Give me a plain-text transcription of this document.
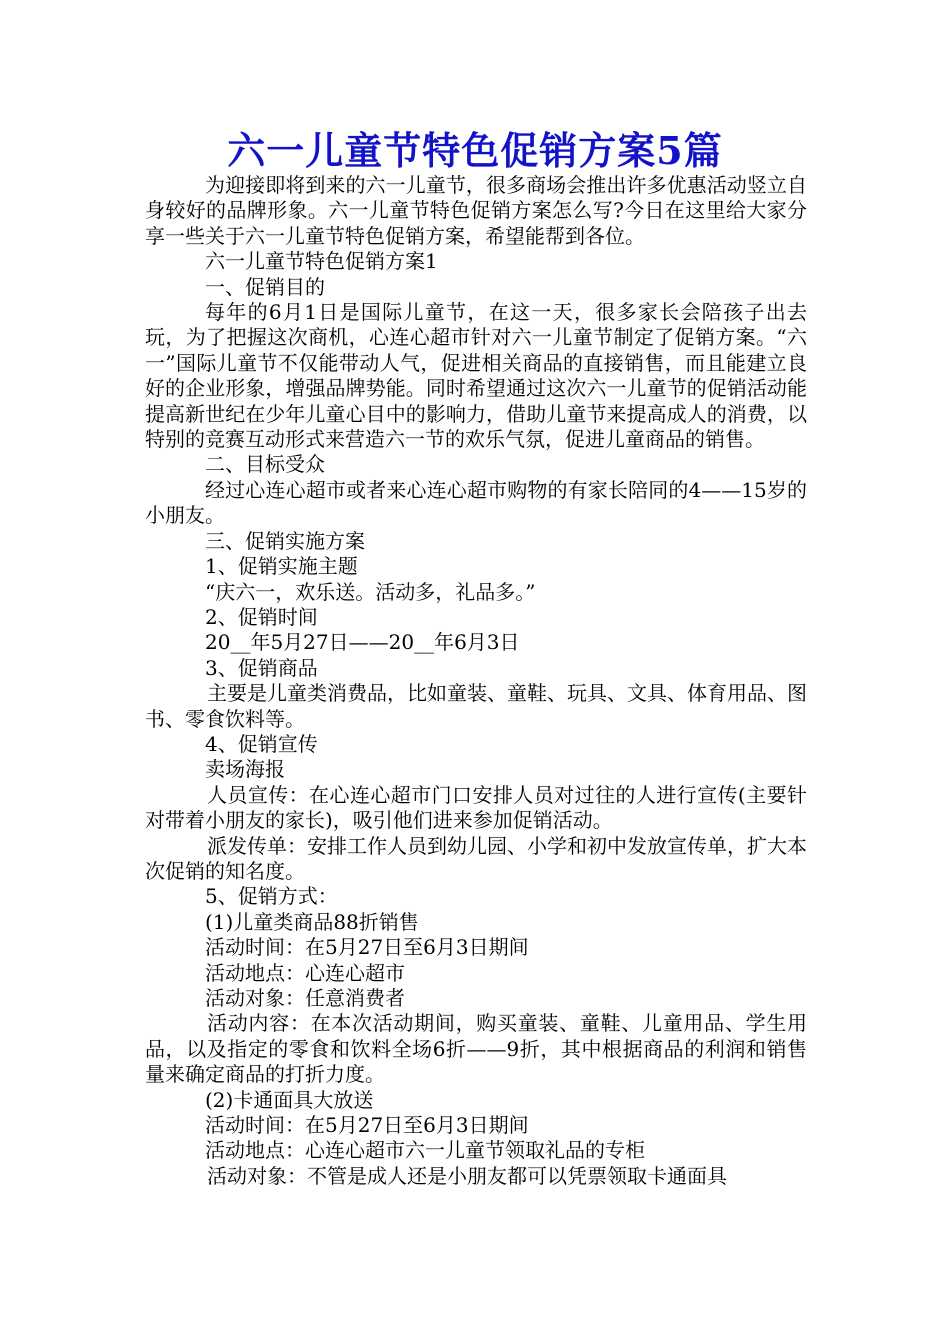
六一儿童节特色促销方案5篇

为迎接即将到来的六一儿童节，很多商场会推出许多优惠活动竖立自身较好的品牌形象。六一儿童节特色促销方案怎么写?今日在这里给大家分享一些关于六一儿童节特色促销方案，希望能帮到各位。

六一儿童节特色促销方案1

一、促销目的

每年的6月1日是国际儿童节，在这一天，很多家长会陪孩子出去玩，为了把握这次商机，心连心超市针对六一儿童节制定了促销方案。“六一”国际儿童节不仅能带动人气，促进相关商品的直接销售，而且能建立良好的企业形象，增强品牌势能。同时希望通过这次六一儿童节的促销活动能提高新世纪在少年儿童心目中的影响力，借助儿童节来提高成人的消费，以特别的竞赛互动形式来营造六一节的欢乐气氛，促进儿童商品的销售。

二、目标受众

经过心连心超市或者来心连心超市购物的有家长陪同的4——15岁的小朋友。

三、促销实施方案

1、促销实施主题

“庆六一，欢乐送。活动多，礼品多。”

2、促销时间

20__年5月27日——20__年6月3日

3、促销商品

主要是儿童类消费品，比如童装、童鞋、玩具、文具、体育用品、图书、零食饮料等。

4、促销宣传

卖场海报

人员宣传：在心连心超市门口安排人员对过往的人进行宣传(主要针对带着小朋友的家长)，吸引他们进来参加促销活动。

派发传单：安排工作人员到幼儿园、小学和初中发放宣传单，扩大本次促销的知名度。

5、促销方式：

(1)儿童类商品88折销售

活动时间：在5月27日至6月3日期间

活动地点：心连心超市

活动对象：任意消费者

活动内容：在本次活动期间，购买童装、童鞋、儿童用品、学生用品，以及指定的零食和饮料全场6折——9折，其中根据商品的利润和销售量来确定商品的打折力度。

(2)卡通面具大放送

活动时间：在5月27日至6月3日期间

活动地点：心连心超市六一儿童节领取礼品的专柜

活动对象：不管是成人还是小朋友都可以凭票领取卡通面具
